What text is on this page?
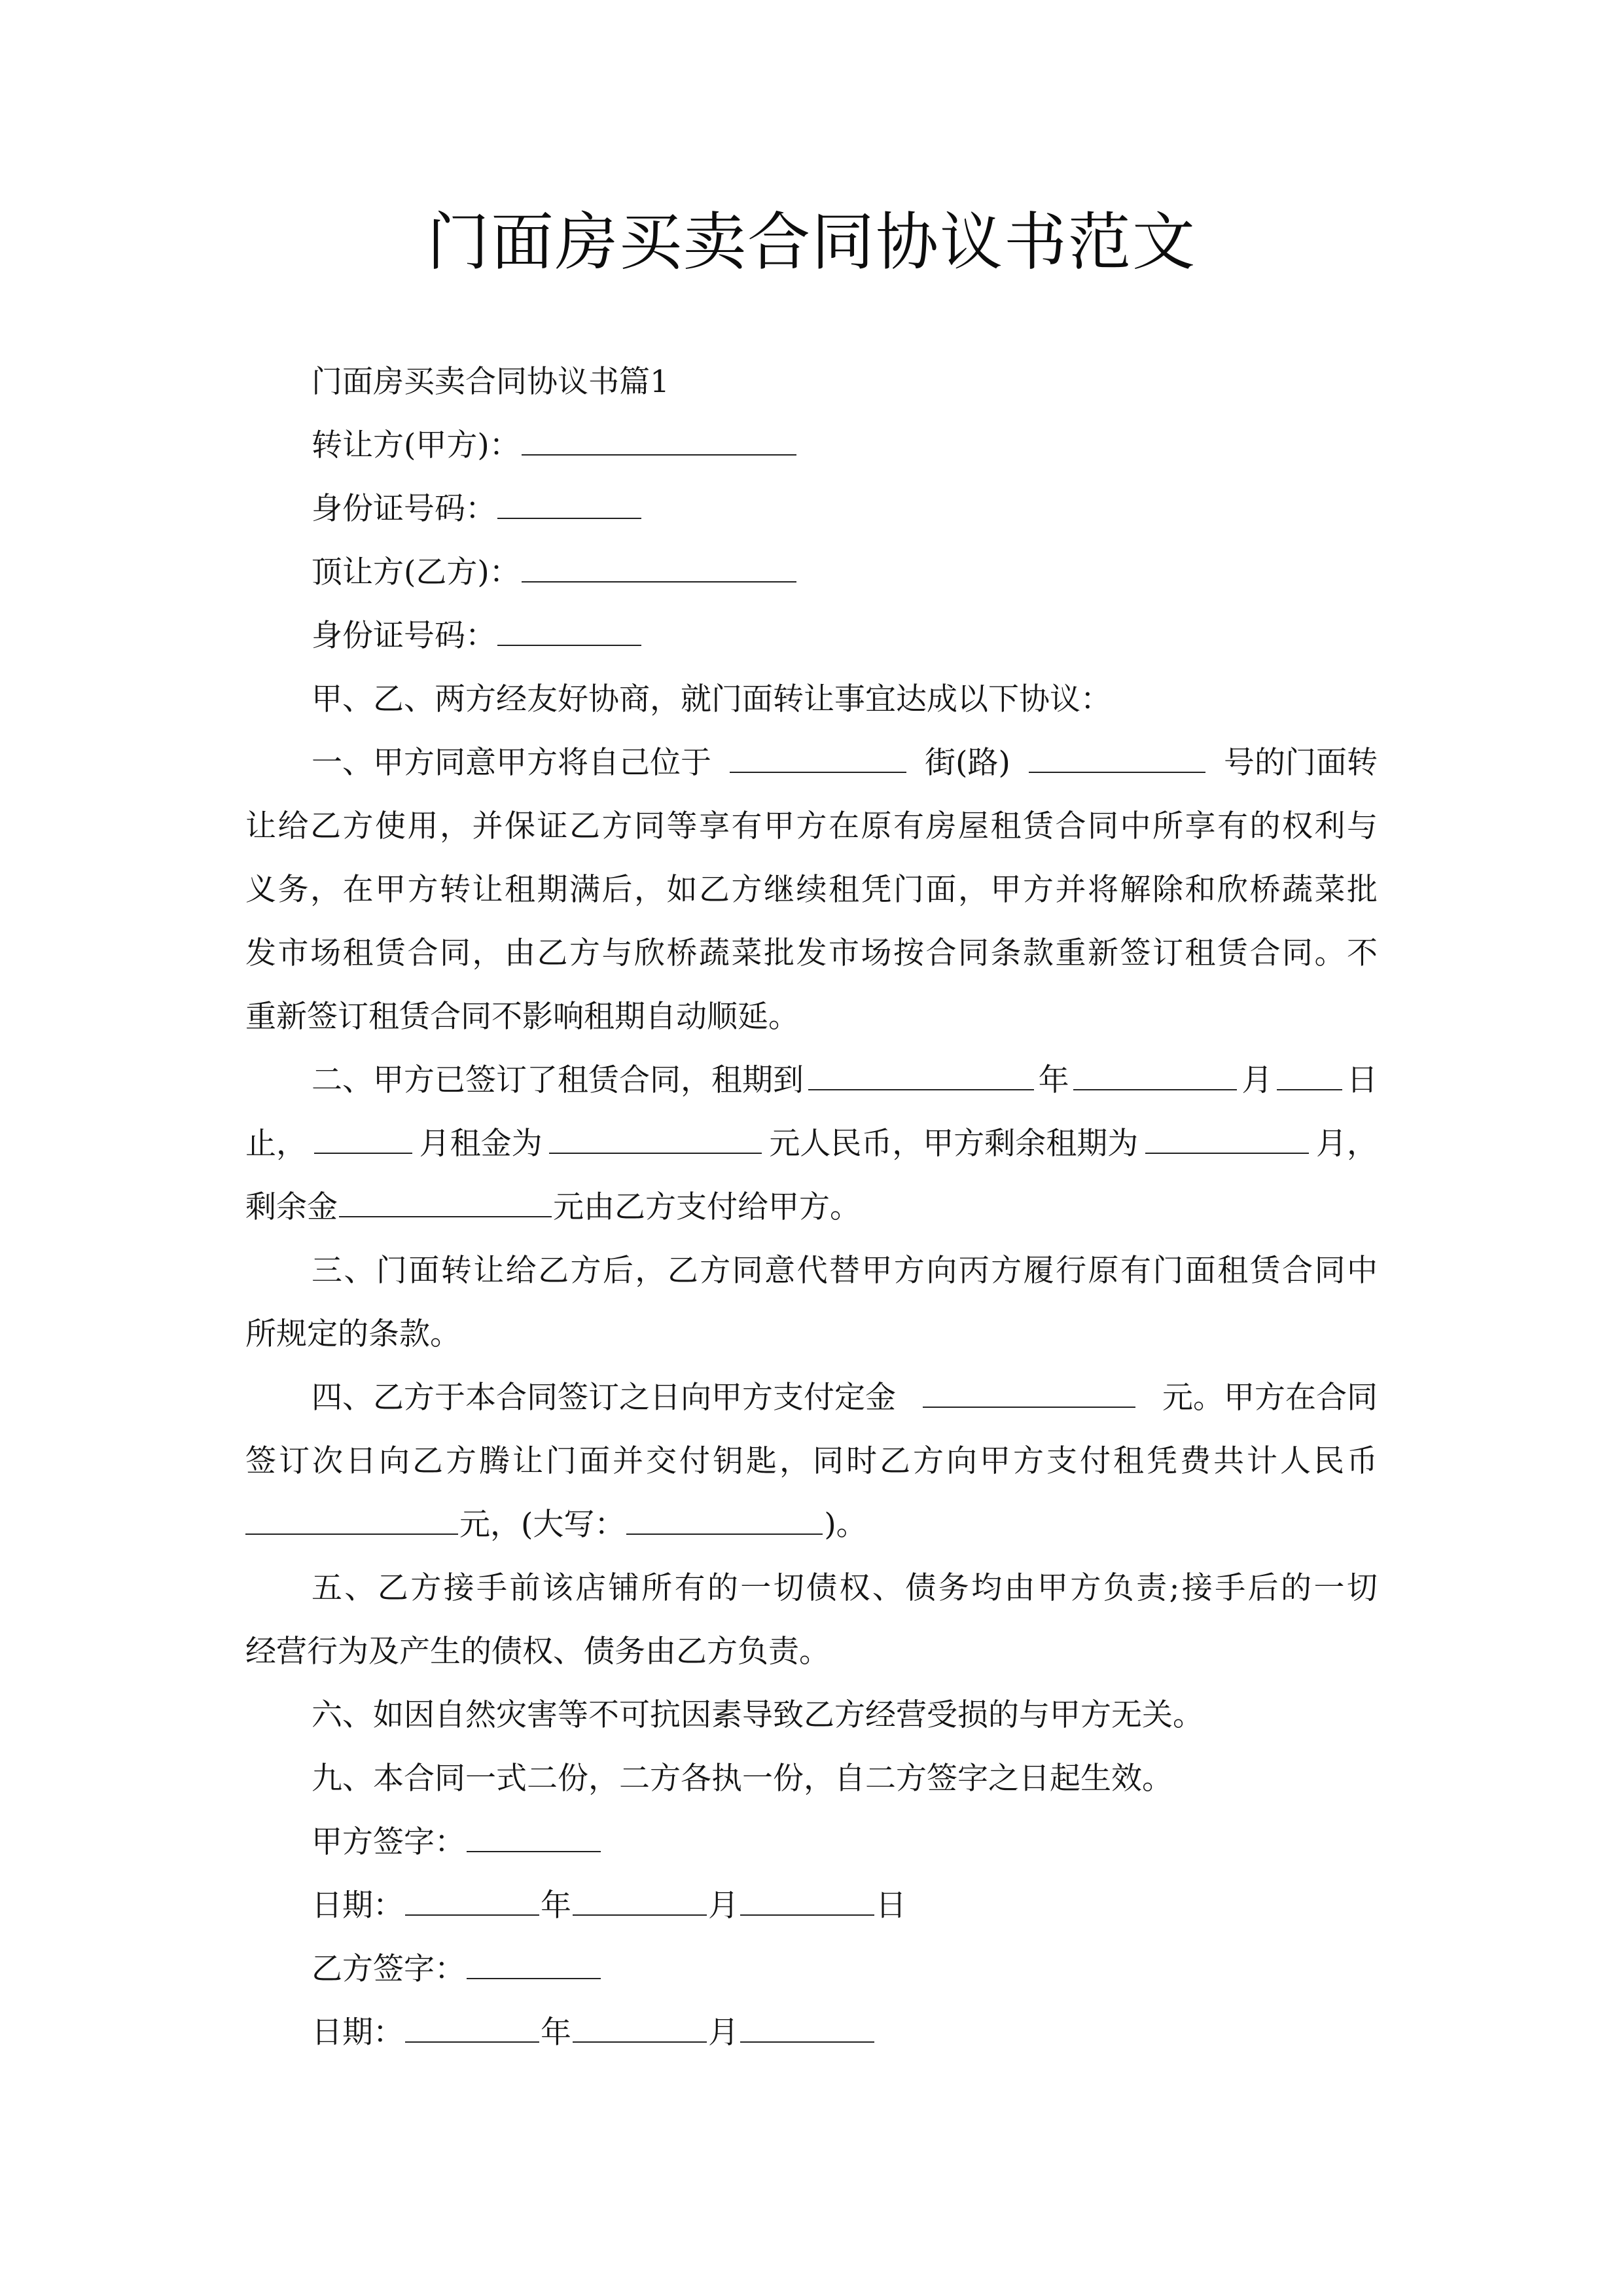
门面房买卖合同协议书范文
门面房买卖合同协议书篇1
转让方(甲方)：
身份证号码：
顶让方(乙方)：
身份证号码：
甲、乙、两方经友好协商，就门面转让事宜达成以下协议：
一、甲方同意甲方将自己位于	街(路)	号的门面转
让 给 乙 方 使 用 ， 并 保 证 乙 方 同 等 享 有 甲 方 在 原 有 房 屋 租 赁 合 同 中 所 享 有 的 权 利 与
义 务 ， 在 甲 方 转 让 租 期 满 后 ， 如 乙 方 继 续 租 凭 门 面 ， 甲 方 并 将 解 除 和 欣 桥 蔬 菜 批
发 市 场 租 赁 合 同 ， 由 乙 方 与 欣 桥 蔬 菜 批 发 市 场 按 合 同 条 款 重 新 签 订 租 赁 合 同 。 不
重新签订租赁合同不影响租期自动顺延。
二、甲方已签订了租赁合同，租期到	年	月 日
止，	月租金为	元人民币，甲方剩余租期为	月，
剩余金	元由乙方支付给甲方。
三 、 门 面 转 让 给 乙 方 后 ， 乙 方 同 意 代 替 甲 方 向 丙 方 履 行 原 有 门 面 租 赁 合 同 中
所规定的条款。
四、乙方于本合同签订之日向甲方支付定金	元。甲方在合同
签 订 次 日 向 乙 方 腾 让 门 面 并 交 付 钥 匙 ， 同 时 乙 方 向 甲 方 支 付 租 凭 费 共 计 人 民 币
元，(大写：	)。
五 、 乙 方 接 手 前 该 店 铺 所 有 的 一 切 债 权 、 债 务 均 由 甲 方 负 责 ; 接 手 后 的 一 切
经营行为及产生的债权、债务由乙方负责。
六、如因自然灾害等不可抗因素导致乙方经营受损的与甲方无关。
九、本合同一式二份，二方各执一份，自二方签字之日起生效。
甲方签字：
日期：	年	月	日
乙方签字：
日期：	年	月
